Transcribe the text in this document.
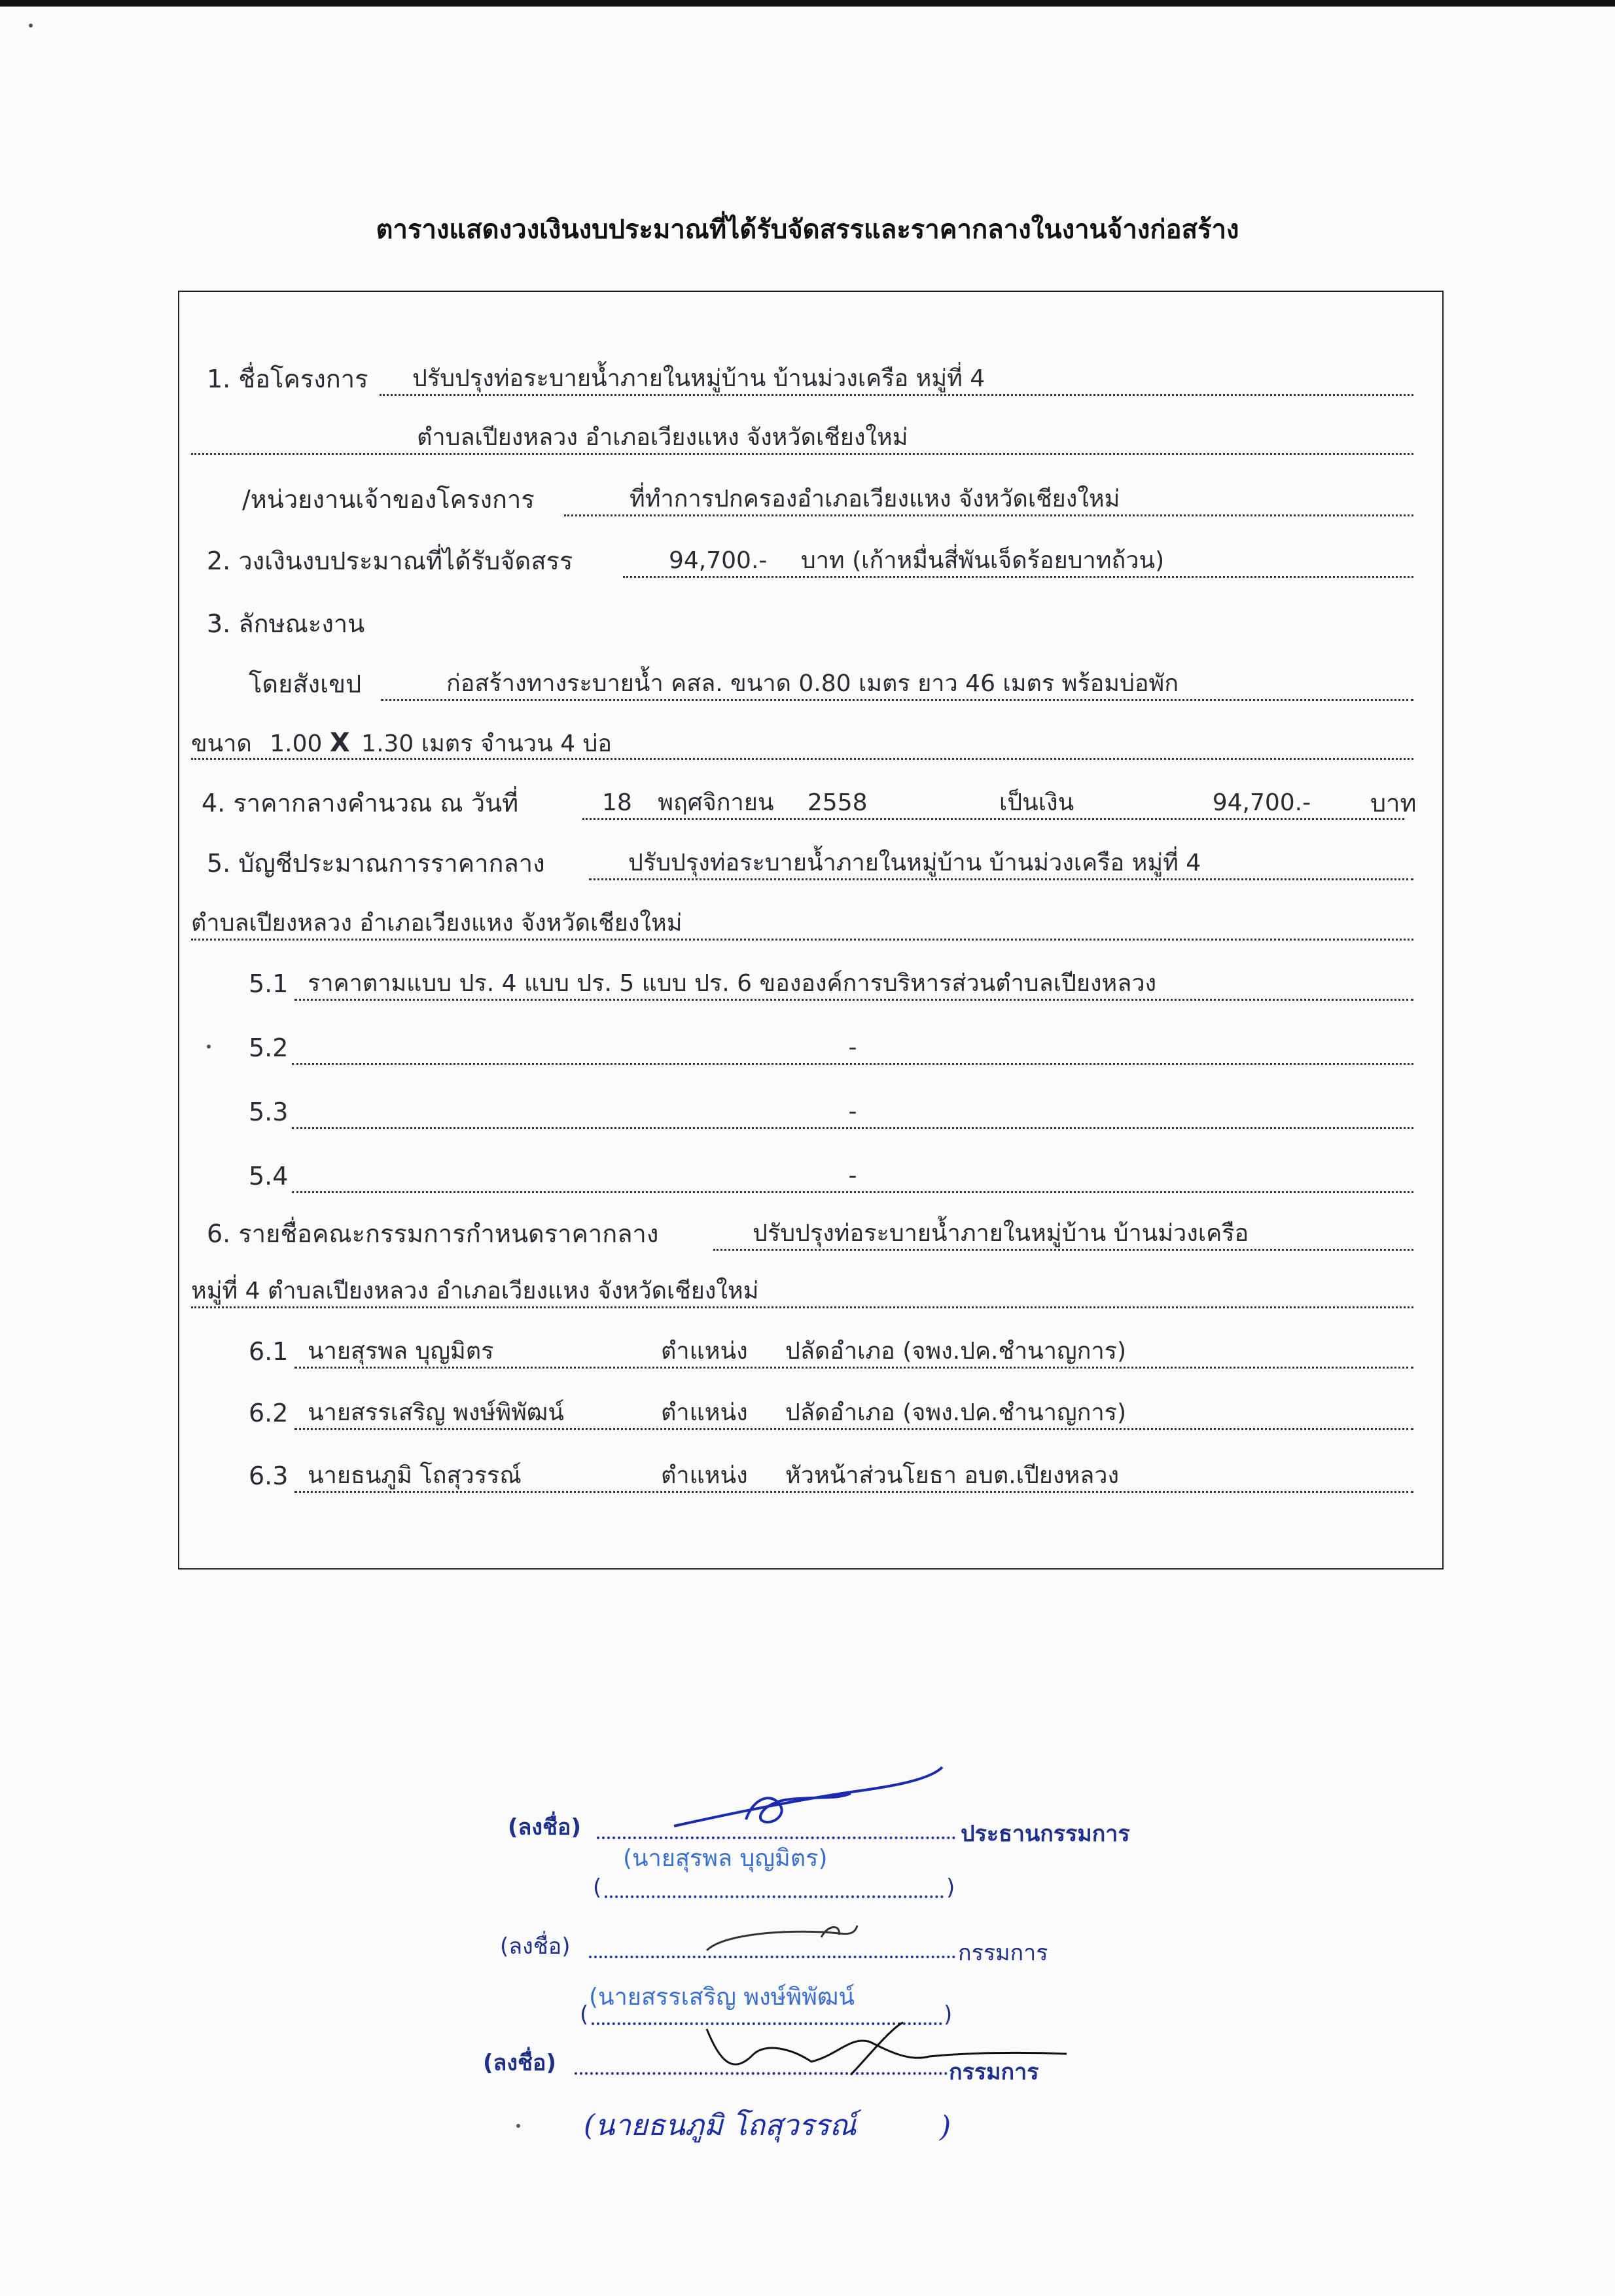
ตารางแสดงวงเงินงบประมาณที่ได้รับจัดสรรและราคากลางในงานจ้างก่อสร้าง
1. ชื่อโครงการ	ปรับปรุงท่อระบายน้ำภายในหมู่บ้าน บ้านม่วงเครือ หมู่ที่ 4
ตำบลเปียงหลวง อำเภอเวียงแหง จังหวัดเชียงใหม่
/หน่วยงานเจ้าของโครงการ	ที่ทำการปกครองอำเภอเวียงแหง จังหวัดเชียงใหม่
2. วงเงินงบประมาณที่ได้รับจัดสรร	94,700.- บาท (เก้าหมื่นสี่พันเจ็ดร้อยบาทถ้วน)
3. ลักษณะงาน
โดยสังเขป	ก่อสร้างทางระบายน้ำ คสล. ขนาด 0.80 เมตร ยาว 46 เมตร พร้อมบ่อพัก
ขนาด 1.00 X 1.30 เมตร จำนวน 4 บ่อ
4. ราคากลางคำนวณ ณ วันที่	18 พฤศจิกายน 2558	เป็นเงิน	94,700.-	บาท
5. บัญชีประมาณการราคากลาง	ปรับปรุงท่อระบายน้ำภายในหมู่บ้าน บ้านม่วงเครือ หมู่ที่ 4
ตำบลเปียงหลวง อำเภอเวียงแหง จังหวัดเชียงใหม่
5.1 ราคาตามแบบ ปร. 4 แบบ ปร. 5 แบบ ปร. 6 ขององค์การบริหารส่วนตำบลเปียงหลวง
5.2	-
5.3	-
5.4	-
6. รายชื่อคณะกรรมการกำหนดราคากลาง	ปรับปรุงท่อระบายน้ำภายในหมู่บ้าน บ้านม่วงเครือ
หมู่ที่ 4 ตำบลเปียงหลวง อำเภอเวียงแหง จังหวัดเชียงใหม่
6.1 นายสุรพล บุญมิตร	ตำแหน่ง ปลัดอำเภอ (จพง.ปค.ชำนาญการ)
6.2 นายสรรเสริญ พงษ์พิพัฒน์	ตำแหน่ง ปลัดอำเภอ (จพง.ปค.ชำนาญการ)
6.3 นายธนภูมิ โถสุวรรณ์	ตำแหน่ง หัวหน้าส่วนโยธา อบต.เปียงหลวง
(ลงชื่อ)	ประธานกรรมการ
(นายสุรพล บุญมิตร)
(	)
(ลงชื่อ)	กรรมการ
(นายสรรเสริญ พงษ์พิพัฒน์
(	)
(ลงชื่อ)	กรรมการ
(นายธนภูมิ โถสุวรรณ์	)
